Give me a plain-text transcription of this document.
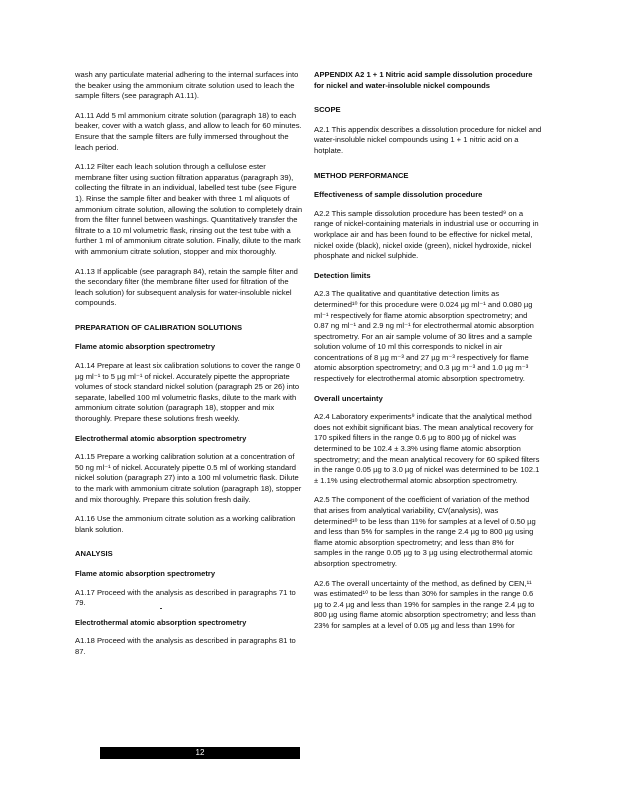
wash any particulate material adhering to the internal surfaces into the beaker using the ammonium citrate solution used to leach the sample filters (see paragraph A1.11).
A1.11 Add 5 ml ammonium citrate solution (paragraph 18) to each beaker, cover with a watch glass, and allow to leach for 60 minutes. Ensure that the sample filters are fully immersed throughout the leach period.
A1.12 Filter each leach solution through a cellulose ester membrane filter using suction filtration apparatus (paragraph 39), collecting the filtrate in an individual, labelled test tube (see Figure 1). Rinse the sample filter and beaker with three 1 ml aliquots of ammonium citrate solution, allowing the solution to completely drain from the filter funnel between washings. Quantitatively transfer the filtrate to a 10 ml volumetric flask, rinsing out the test tube with a further 1 ml of ammonium citrate solution. Finally, dilute to the mark with ammonium citrate solution, stopper and mix thoroughly.
A1.13 If applicable (see paragraph 84), retain the sample filter and the secondary filter (the membrane filter used for filtration of the leach solution) for subsequent analysis for water-insoluble nickel compounds.
PREPARATION OF CALIBRATION SOLUTIONS
Flame atomic absorption spectrometry
A1.14 Prepare at least six calibration solutions to cover the range 0 µg ml⁻¹ to 5 µg ml⁻¹ of nickel. Accurately pipette the appropriate volumes of stock standard nickel solution (paragraph 25 or 26) into separate, labelled 100 ml volumetric flasks, dilute to the mark with ammonium citrate solution (paragraph 18), stopper and mix thoroughly. Prepare these solutions fresh weekly.
Electrothermal atomic absorption spectrometry
A1.15 Prepare a working calibration solution at a concentration of 50 ng ml⁻¹ of nickel. Accurately pipette 0.5 ml of working standard nickel solution (paragraph 27) into a 100 ml volumetric flask. Dilute to the mark with ammonium citrate solution (paragraph 18), stopper and mix thoroughly. Prepare this solution fresh daily.
A1.16 Use the ammonium citrate solution as a working calibration blank solution.
ANALYSIS
Flame atomic absorption spectrometry
A1.17 Proceed with the analysis as described in paragraphs 71 to 79.
Electrothermal atomic absorption spectrometry
A1.18 Proceed with the analysis as described in paragraphs 81 to 87.
APPENDIX A2 1 + 1 Nitric acid sample dissolution procedure for nickel and water-insoluble nickel compounds
SCOPE
A2.1 This appendix describes a dissolution procedure for nickel and water-insoluble nickel compounds using 1 + 1 nitric acid on a hotplate.
METHOD PERFORMANCE
Effectiveness of sample dissolution procedure
A2.2 This sample dissolution procedure has been tested⁹ on a range of nickel-containing materials in industrial use or occurring in workplace air and has been found to be effective for nickel metal, nickel oxide (black), nickel oxide (green), nickel hydroxide, nickel phosphate and nickel sulphide.
Detection limits
A2.3 The qualitative and quantitative detection limits as determined¹⁰ for this procedure were 0.024 µg ml⁻¹ and 0.080 µg ml⁻¹ respectively for flame atomic absorption spectrometry; and 0.87 ng ml⁻¹ and 2.9 ng ml⁻¹ for electrothermal atomic absorption spectrometry. For an air sample volume of 30 litres and a sample solution volume of 10 ml this corresponds to nickel in air concentrations of 8 µg m⁻³ and 27 µg m⁻³ respectively for flame atomic absorption spectrometry; and 0.3 µg m⁻³ and 1.0 µg m⁻³ respectively for electrothermal atomic absorption spectrometry.
Overall uncertainty
A2.4 Laboratory experiments⁹ indicate that the analytical method does not exhibit significant bias. The mean analytical recovery for 170 spiked filters in the range 0.6 µg to 800 µg of nickel was determined to be 102.4 ± 3.3% using flame atomic absorption spectrometry; and the mean analytical recovery for 60 spiked filters in the range 0.05 µg to 3.0 µg of nickel was determined to be 102.1 ± 1.1% using electrothermal atomic absorption spectrometry.
A2.5 The component of the coefficient of variation of the method that arises from analytical variability, CV(analysis), was determined¹⁰ to be less than 11% for samples at a level of 0.50 µg and less than 5% for samples in the range 2.4 µg to 800 µg using flame atomic absorption spectrometry; and less than 8% for samples in the range 0.05 µg to 3 µg using electrothermal atomic absorption spectrometry.
A2.6 The overall uncertainty of the method, as defined by CEN,¹¹ was estimated¹⁰ to be less than 30% for samples in the range 0.6 µg to 2.4 µg and less than 19% for samples in the range 2.4 µg to 800 µg using flame atomic absorption spectrometry; and less than 23% for samples at a level of 0.05 µg and less than 19% for
12
